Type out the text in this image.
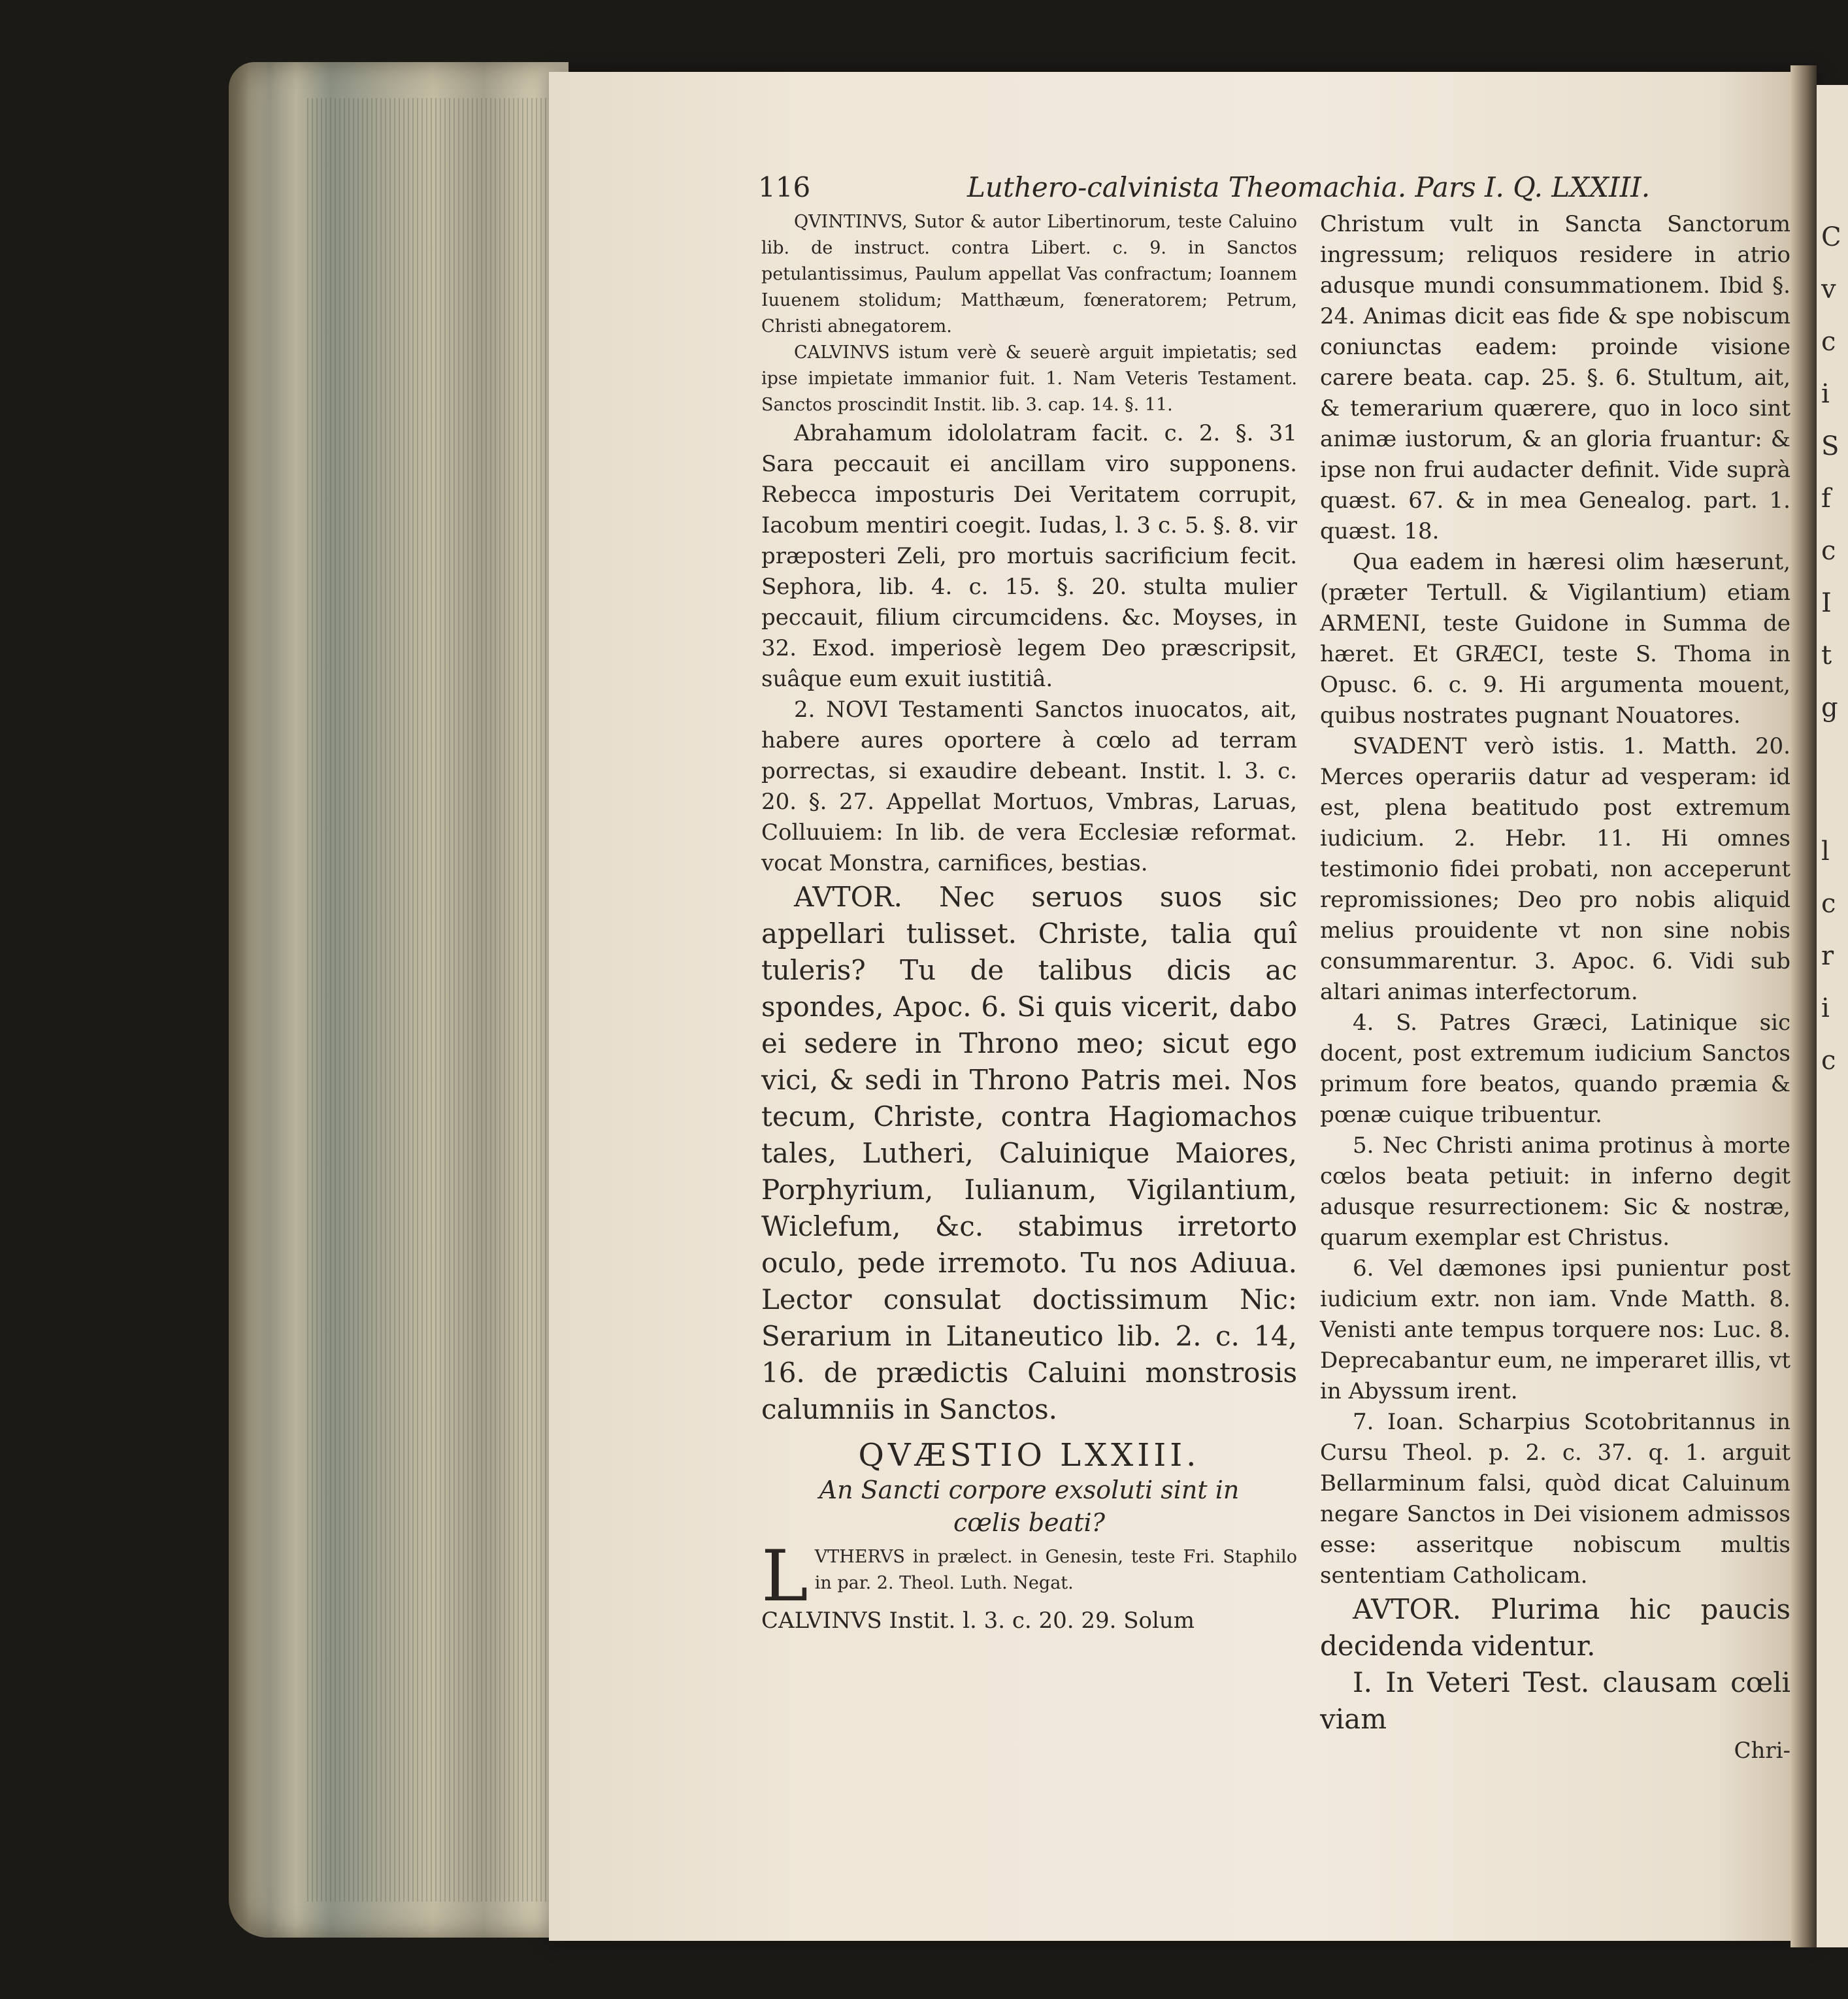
C
v
c
i
S
f
c
I
t
g
l
c
r
i
c
116	Luthero-calvinista Theomachia. Pars I. Q. LXXIII.

QVINTINVS, Sutor & autor Libertinorum, teste Caluino lib. de instruct. contra Libert. c. 9. in Sanctos petulantissimus, Paulum appellat Vas confractum; Ioannem Iuuenem stolidum; Matthæum, fœneratorem; Petrum, Christi abnegatorem.

CALVINVS istum verè & seuerè arguit impietatis; sed ipse impietate immanior fuit. 1. Nam Veteris Testament. Sanctos proscindit Instit. lib. 3. cap. 14. §. 11.

Abrahamum idololatram facit. c. 2. §. 31 Sara peccauit ei ancillam viro supponens. Rebecca imposturis Dei Veritatem corrupit, Iacobum mentiri coegit. Iudas, l. 3 c. 5. §. 8. vir præposteri Zeli, pro mortuis sacrificium fecit. Sephora, lib. 4. c. 15. §. 20. stulta mulier peccauit, filium circumcidens. &c. Moyses, in 32. Exod. imperiosè legem Deo præscripsit, suâque eum exuit iustitiâ.

2. NOVI Testamenti Sanctos inuocatos, ait, habere aures oportere à cœlo ad terram porrectas, si exaudire debeant. Instit. l. 3. c. 20. §. 27. Appellat Mortuos, Vmbras, Laruas, Colluuiem: In lib. de vera Ecclesiæ reformat. vocat Monstra, carnifices, bestias.

AVTOR. Nec seruos suos sic appellari tulisset. Christe, talia quî tuleris? Tu de talibus dicis ac spondes, Apoc. 6. Si quis vicerit, dabo ei sedere in Throno meo; sicut ego vici, & sedi in Throno Patris mei. Nos tecum, Christe, contra Hagiomachos tales, Lutheri, Caluinique Maiores, Porphyrium, Iulianum, Vigilantium, Wiclefum, &c. stabimus irretorto oculo, pede irremoto. Tu nos Adiuua. Lector consulat doctissimum Nic: Serarium in Litaneutico lib. 2. c. 14, 16. de prædictis Caluini monstrosis calumniis in Sanctos.

QVÆSTIO LXXIII.

An Sancti corpore exsoluti sint in

cœlis beati?

LVTHERVS in prælect. in Genesin, teste Fri. Staphilo in par. 2. Theol. Luth. Negat.

CALVINVS Instit. l. 3. c. 20. 29. Solum

Christum vult in Sancta Sanctorum ingressum; reliquos residere in atrio adusque mundi consummationem. Ibid §. 24. Animas dicit eas fide & spe nobiscum coniunctas eadem: proinde visione carere beata. cap. 25. §. 6. Stultum, ait, & temerarium quærere, quo in loco sint animæ iustorum, & an gloria fruantur: & ipse non frui audacter definit. Vide suprà quæst. 67. & in mea Genealog. part. 1. quæst. 18.

Qua eadem in hæresi olim hæserunt, (præter Tertull. & Vigilantium) etiam ARMENI, teste Guidone in Summa de hæret. Et GRÆCI, teste S. Thoma in Opusc. 6. c. 9. Hi argumenta mouent, quibus nostrates pugnant Nouatores.

SVADENT verò istis. 1. Matth. 20. Merces operariis datur ad vesperam: id est, plena beatitudo post extremum iudicium. 2. Hebr. 11. Hi omnes testimonio fidei probati, non acceperunt repromissiones; Deo pro nobis aliquid melius prouidente vt non sine nobis consummarentur. 3. Apoc. 6. Vidi sub altari animas interfectorum.

4. S. Patres Græci, Latinique sic docent, post extremum iudicium Sanctos primum fore beatos, quando præmia & pœnæ cuique tribuentur.

5. Nec Christi anima protinus à morte cœlos beata petiuit: in inferno degit adusque resurrectionem: Sic & nostræ, quarum exemplar est Christus.

6. Vel dæmones ipsi punientur post iudicium extr. non iam. Vnde Matth. 8. Venisti ante tempus torquere nos: Luc. 8. Deprecabantur eum, ne imperaret illis, vt in Abyssum irent.

7. Ioan. Scharpius Scotobritannus in Cursu Theol. p. 2. c. 37. q. 1. arguit Bellarminum falsi, quòd dicat Caluinum negare Sanctos in Dei visionem admissos esse: asseritque nobiscum multis sententiam Catholicam.

AVTOR. Plurima hic paucis decidenda videntur.

I. In Veteri Test. clausam cœli viam

Chri-
